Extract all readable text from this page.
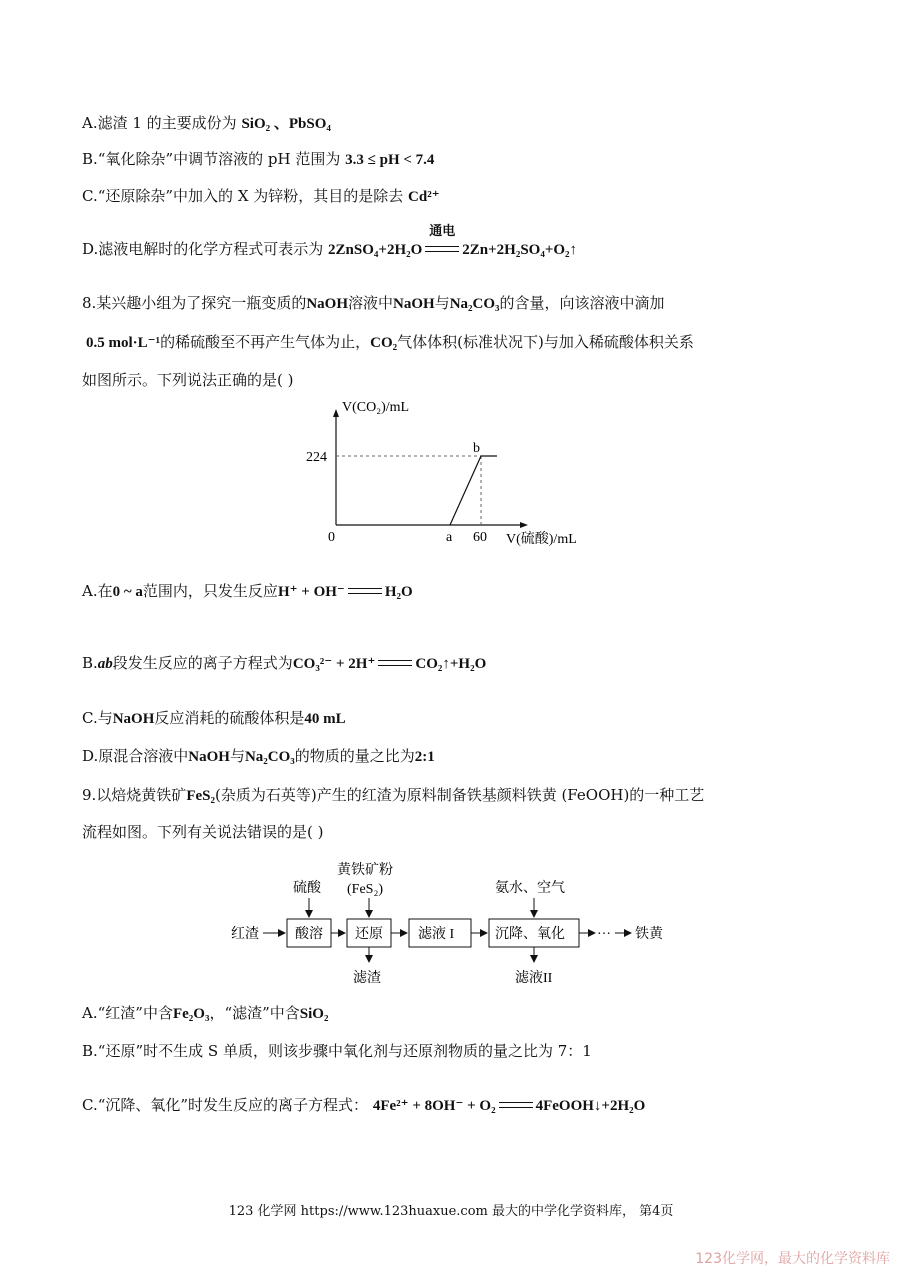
A.滤渣 1 的主要成份为 SiO₂ 、PbSO₄
B.“氧化除杂”中调节溶液的 pH 范围为 3.3 ≤ pH < 7.4
C.“还原除杂”中加入的 X 为锌粉，其目的是除去 Cd²⁺
D.滤液电解时的化学方程式可表示为 2ZnSO₄+2H₂O
通电
2Zn+2H₂SO₄+O₂↑
8.某兴趣小组为了探究一瓶变质的NaOH溶液中NaOH与Na₂CO₃的含量，向该溶液中滴加
0.5 mol·L⁻¹的稀硫酸至不再产生气体为止，CO₂气体体积(标准状况下)与加入稀硫酸体积关系
如图所示。下列说法正确的是( )
V(CO₂)/mL
224
0	a 60
b
V(硫酸)/mL
A.在0 ~ a范围内，只发生反应H⁺ + OH⁻	H₂O
B.ab段发生反应的离子方程式为CO₃²⁻ + 2H⁺	CO₂↑+H₂O
C.与NaOH反应消耗的硫酸体积是40 mL
D.原混合溶液中NaOH与Na₂CO₃的物质的量之比为2:1
9.以焙烧黄铁矿FeS₂(杂质为石英等)产生的红渣为原料制备铁基颜料铁黄 (FeOOH)的一种工艺
流程如图。下列有关说法错误的是( )
红渣	酸溶 还原	滤液 I	沉降、氧化 ··· 铁黄
硫酸
黄铁矿粉
(FeS₂)	氨水、空气
滤渣	滤液II
A.“红渣”中含Fe₂O₃，“滤渣”中含SiO₂
B.“还原”时不生成 S 单质，则该步骤中氧化剂与还原剂物质的量之比为 7：1
C.“沉降、氧化”时发生反应的离子方程式： 4Fe²⁺ + 8OH⁻ + O₂	4FeOOH↓+2H₂O
123 化学网 https://www.123huaxue.com 最大的中学化学资料库， 第4页
123化学网，最大的化学资料库
